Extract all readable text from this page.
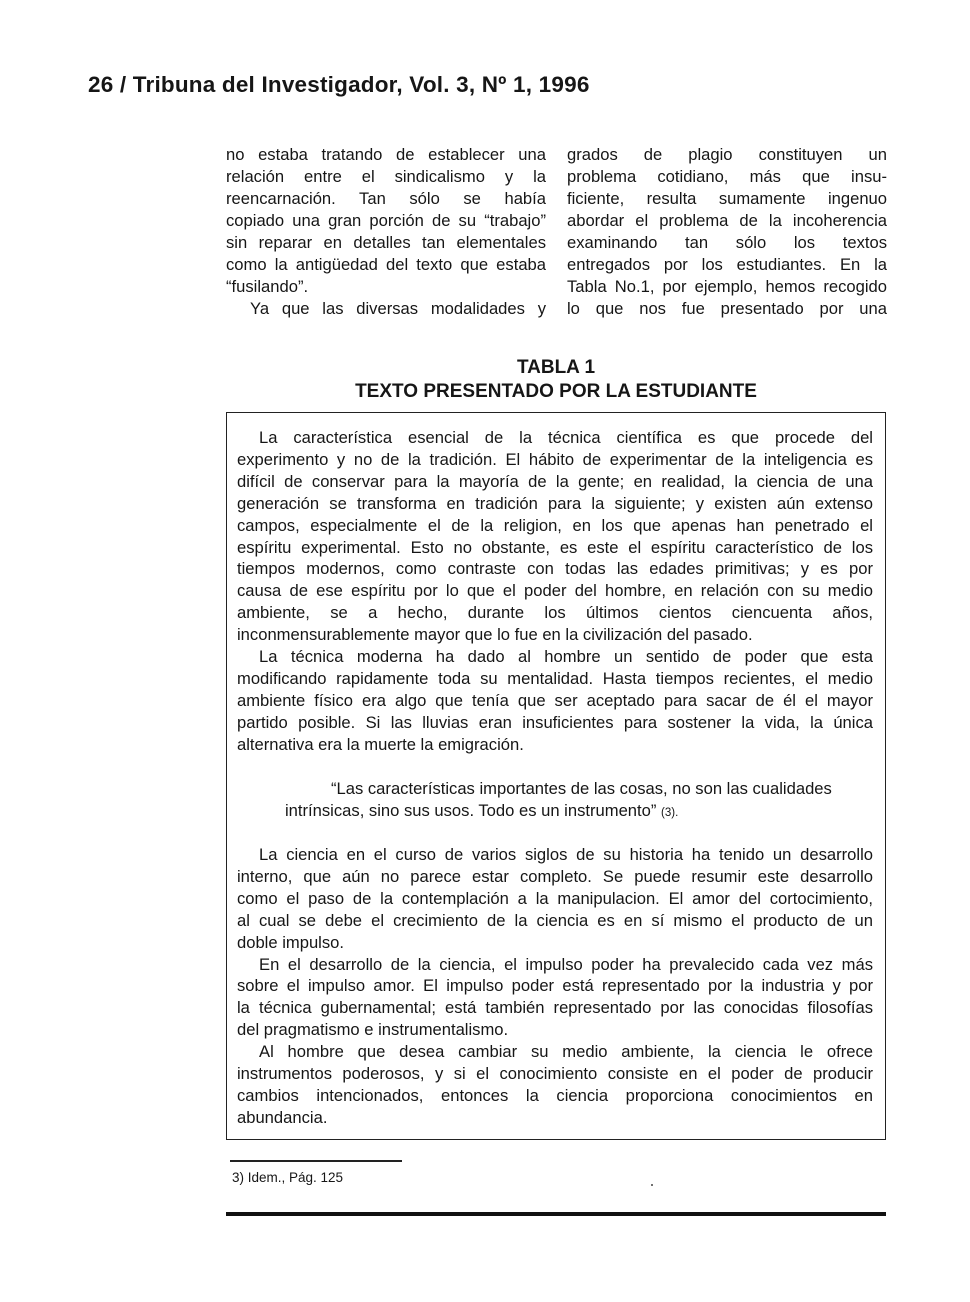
26 / Tribuna del Investigador, Vol. 3, Nº 1, 1996
no estaba tratando de establecer una
relación entre el sindicalismo y la
reencarnación. Tan sólo se había
copiado una gran porción de su “trabajo”
sin reparar en detalles tan elementales
como la antigüedad del texto que estaba
“fusilando”.
Ya que las diversas modalidades y
grados de plagio constituyen un
problema cotidiano, más que insu-
ficiente, resulta sumamente ingenuo
abordar el problema de la incoherencia
examinando tan sólo los textos
entregados por los estudiantes. En la
Tabla No.1, por ejemplo, hemos recogido
lo que nos fue presentado por una
TABLA 1
TEXTO PRESENTADO POR LA ESTUDIANTE
La característica esencial de la técnica científica es que procede del
experimento y no de la tradición. El hábito de experimentar de la inteligencia es
difícil de conservar para la mayoría de la gente; en realidad, la ciencia de una
generación se transforma en tradición para la siguiente; y existen aún extenso
campos, especialmente el de la religion, en los que apenas han penetrado el
espíritu experimental. Esto no obstante, es este el espíritu característico de los
tiempos modernos, como contraste con todas las edades primitivas; y es por
causa de ese espíritu por lo que el poder del hombre, en relación con su medio
ambiente, se a hecho, durante los últimos cientos ciencuenta años,
inconmensurablemente mayor que lo fue en la civilización del pasado.
La técnica moderna ha dado al hombre un sentido de poder que esta
modificando rapidamente toda su mentalidad. Hasta tiempos recientes, el medio
ambiente físico era algo que tenía que ser aceptado para sacar de él el mayor
partido posible. Si las lluvias eran insuficientes para sostener la vida, la única
alternativa era la muerte la emigración.
“Las características importantes de las cosas, no son las cualidades
intrínsicas, sino sus usos. Todo es un instrumento” (3).
La ciencia en el curso de varios siglos de su historia ha tenido un desarrollo
interno, que aún no parece estar completo. Se puede resumir este desarrollo
como el paso de la contemplación a la manipulacion. El amor del cortocimiento,
al cual se debe el crecimiento de la ciencia es en sí mismo el producto de un
doble impulso.
En el desarrollo de la ciencia, el impulso poder ha prevalecido cada vez más
sobre el impulso amor. El impulso poder está representado por la industria y por
la técnica gubernamental; está también representado por las conocidas filosofías
del pragmatismo e instrumentalismo.
Al hombre que desea cambiar su medio ambiente, la ciencia le ofrece
instrumentos poderosos, y si el conocimiento consiste en el poder de producir
cambios intencionados, entonces la ciencia proporciona conocimientos en
abundancia.
3) Idem., Pág. 125
